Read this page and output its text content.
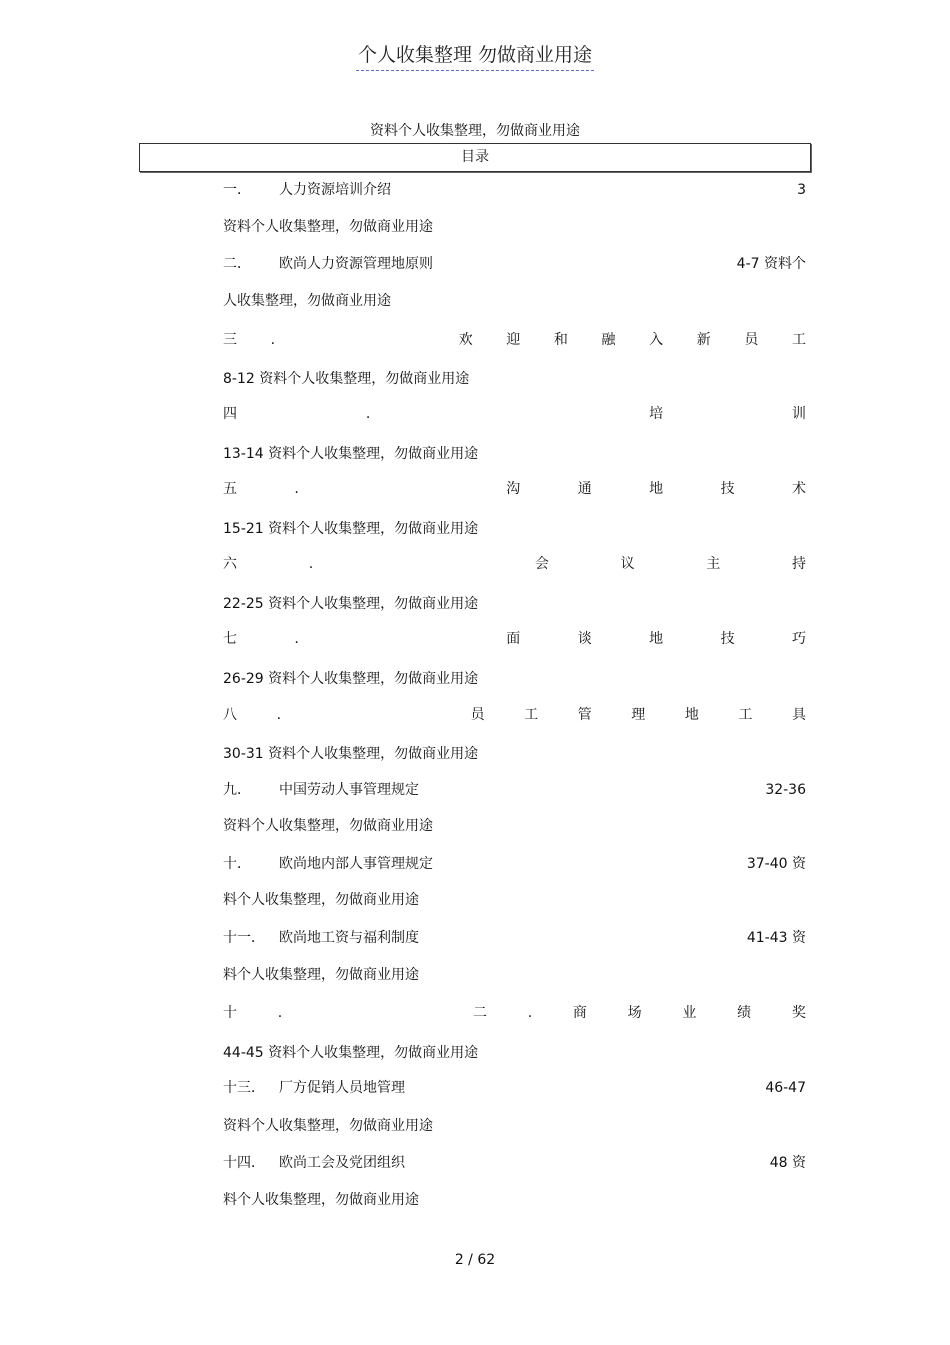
个人收集整理 勿做商业用途
资料个人收集整理，勿做商业用途
目录
一．	人力资源培训介绍	3
资料个人收集整理，勿做商业用途
二．	欧尚人力资源管理地原则	4-7 资料个
人收集整理，勿做商业用途
三 .	欢 迎 和 融 入 新 员 工
8-12 资料个人收集整理，勿做商业用途
四	.	培	训
13-14 资料个人收集整理，勿做商业用途
五	.	沟	通	地	技	术
15-21 资料个人收集整理，勿做商业用途
六	.	会	议	主	持
22-25 资料个人收集整理，勿做商业用途
七	.	面	谈	地	技	巧
26-29 资料个人收集整理，勿做商业用途
八	.	员	工	管	理	地	工	具
30-31 资料个人收集整理，勿做商业用途
九．	中国劳动人事管理规定	32-36
资料个人收集整理，勿做商业用途
十．	欧尚地内部人事管理规定	37-40 资
料个人收集整理，勿做商业用途
十一．	欧尚地工资与福利制度	41-43 资
料个人收集整理，勿做商业用途
十	.	二	.	商	场	业	绩	奖
44-45 资料个人收集整理，勿做商业用途
十三．	厂方促销人员地管理	46-47
资料个人收集整理，勿做商业用途
十四．	欧尚工会及党团组织	48 资
料个人收集整理，勿做商业用途
2 / 62
